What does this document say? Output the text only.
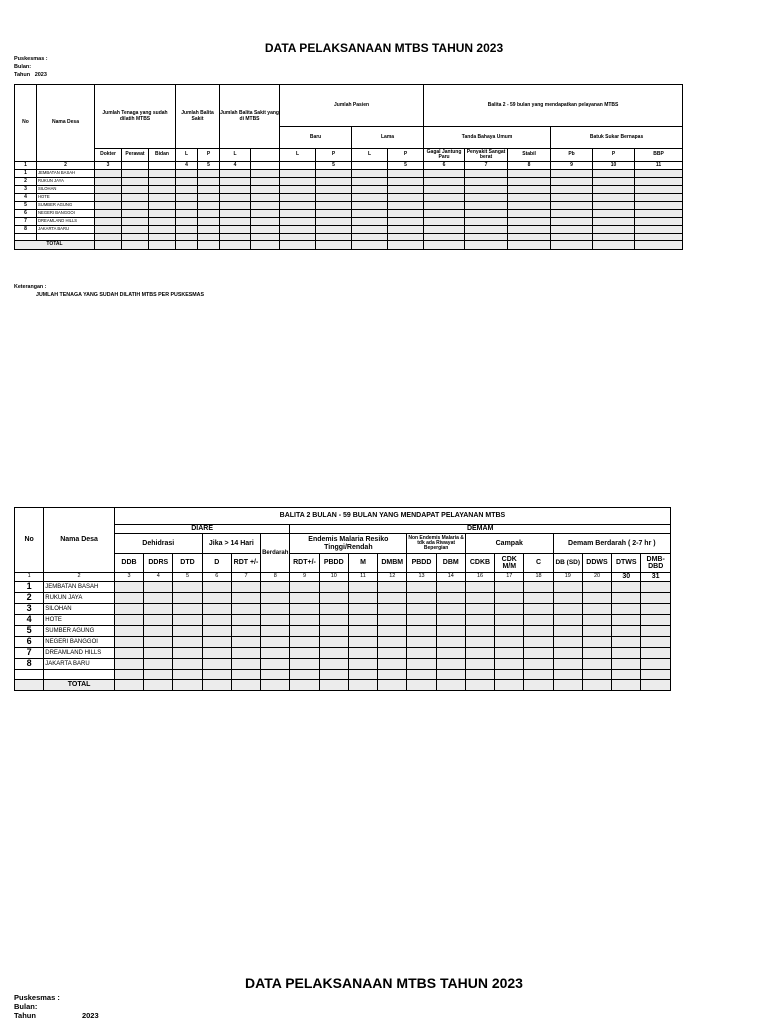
DATA PELAKSANAAN MTBS TAHUN 2023
Puskesmas :
Bulan:
Tahun 2023
No	Nama Desa	Jumlah Tenaga yang sudah dilatih MTBS			Jumlah Balita Sakit		Jumlah Balita Sakit yang di MTBS		Jumlah Pasien				Balita 2 - 59 bulan yang mendapatkan pelayanan MTBS					
									Baru		Lama		Tanda Bahaya Umum			Batuk Sukar Bernapas		
		Dokter	Perawat	Bidan	L	P	L		L	P	L	P	Gagal Jantung Paru	Penyakit Sangat berat	Stabil	Pb	P	BBP
1	2	3			4	5	4			5		5	6	7	8	9	10	11
1	JEMBATAN BASAH																	
2	RUKUN JAYA																	
3	SILOHAN																	
4	HOTE																	
5	SUMBER AGUNG																	
6	NEGERI BANGGOI																	
7	DREAMLAND HILLS																	
8	JAKARTA BARU																	

TOTAL																		
Keterangan :
JUMLAH TENAGA YANG SUDAH DILATIH MTBS PER PUSKESMAS
No	Nama Desa	BALITA 2 BULAN - 59 BULAN YANG MENDAPAT PELAYANAN MTBS																		
		DIARE						DEMAM												
		Dehidrasi			Jika > 14 Hari		Berdarah	Endemis Malaria Resiko Tinggi/Rendah				Non Endemis Malaria & tdk ada Riwayat Bepergian		Campak			Demam Berdarah ( 2-7 hr )			
		DDB	DDRS	DTD	D	RDT +/-		RDT+/-	PBDD	M	DMBM	PBDD	DBM	CDKB	CDK M/M	C	DB (SD)	DDWS	DTWS	DMB-DBD
1	2	3	4	5	6	7	8	9	10	11	12	13	14	16	17	18	19	20	30	31
1	JEMBATAN BASAH																			
2	RUKUN JAYA																			
3	SILOHAN																			
4	HOTE																			
5	SUMBER AGUNG																			
6	NEGERI BANGGOI																			
7	DREAMLAND HILLS																			
8	JAKARTA BARU																			

	TOTAL																			
DATA PELAKSANAAN MTBS TAHUN 2023
Puskesmas :
Bulan:
Tahun	2023
